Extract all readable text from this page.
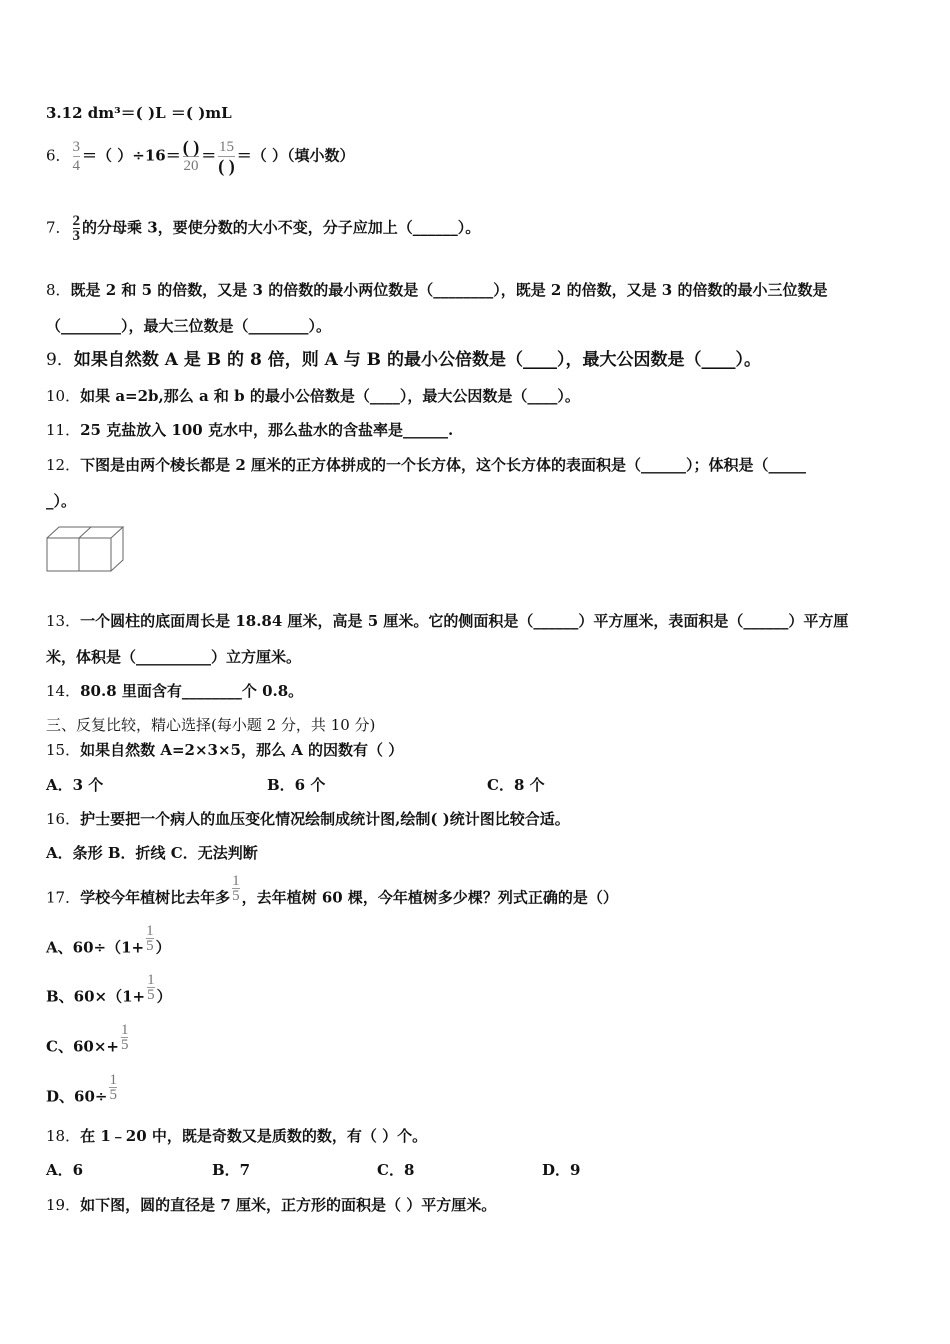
3.12 dm³＝( )L ＝( )mL
6． $\frac{3}{4}$ ＝（ ）$\div 16= \frac{( )}{20} = \frac{15}{( )}$ ＝（ ）（填小数）
7． $\frac{2}{3}$ 的分母乘 3，要使分数的大小不变，分子应加上（______）。
8．既是 2 和 5 的倍数，又是 3 的倍数的最小两位数是（________），既是 2 的倍数，又是 3 的倍数的最小三位数是
（________），最大三位数是（________）。
9．如果自然数 A 是 B 的 8 倍，则 A 与 B 的最小公倍数是（____），最大公因数是（____）。
10．如果 a=2b,那么 a 和 b 的最小公倍数是（____），最大公因数是（____）。
11．25 克盐放入 100 克水中，那么盐水的含盐率是______.
12．下图是由两个棱长都是 2 厘米的正方体拼成的一个长方体，这个长方体的表面积是（______）；体积是（_____
_）。
13．一个圆柱的底面周长是 18.84 厘米，高是 5 厘米。它的侧面积是（______）平方厘米，表面积是（______）平方厘
米，体积是（__________）立方厘米。
14．80.8 里面含有________个 0.8。
三、反复比较，精心选择(每小题 2 分，共 10 分)
15．如果自然数 A=2×3×5，那么 A 的因数有（ ）
A．3 个	B．6 个	C．8 个
16．护士要把一个病人的血压变化情况绘制成统计图,绘制( )统计图比较合适。
A．条形 B．折线 C．无法判断
17．学校今年植树比去年多 $\frac{1}{5}$ ，去年植树 60 棵，今年植树多少棵？列式正确的是（）
A、$60\div(1+ \frac{1}{5}$ ）
B、$60\times(1+ \frac{1}{5}$ ）
C、$60\times+ \frac{1}{5}$
D、$60\div \frac{1}{5}$
18．在 1﹣20 中，既是奇数又是质数的数，有（ ）个。
A．6	B．7	C．8	D．9
19．如下图，圆的直径是 7 厘米，正方形的面积是（ ）平方厘米。
